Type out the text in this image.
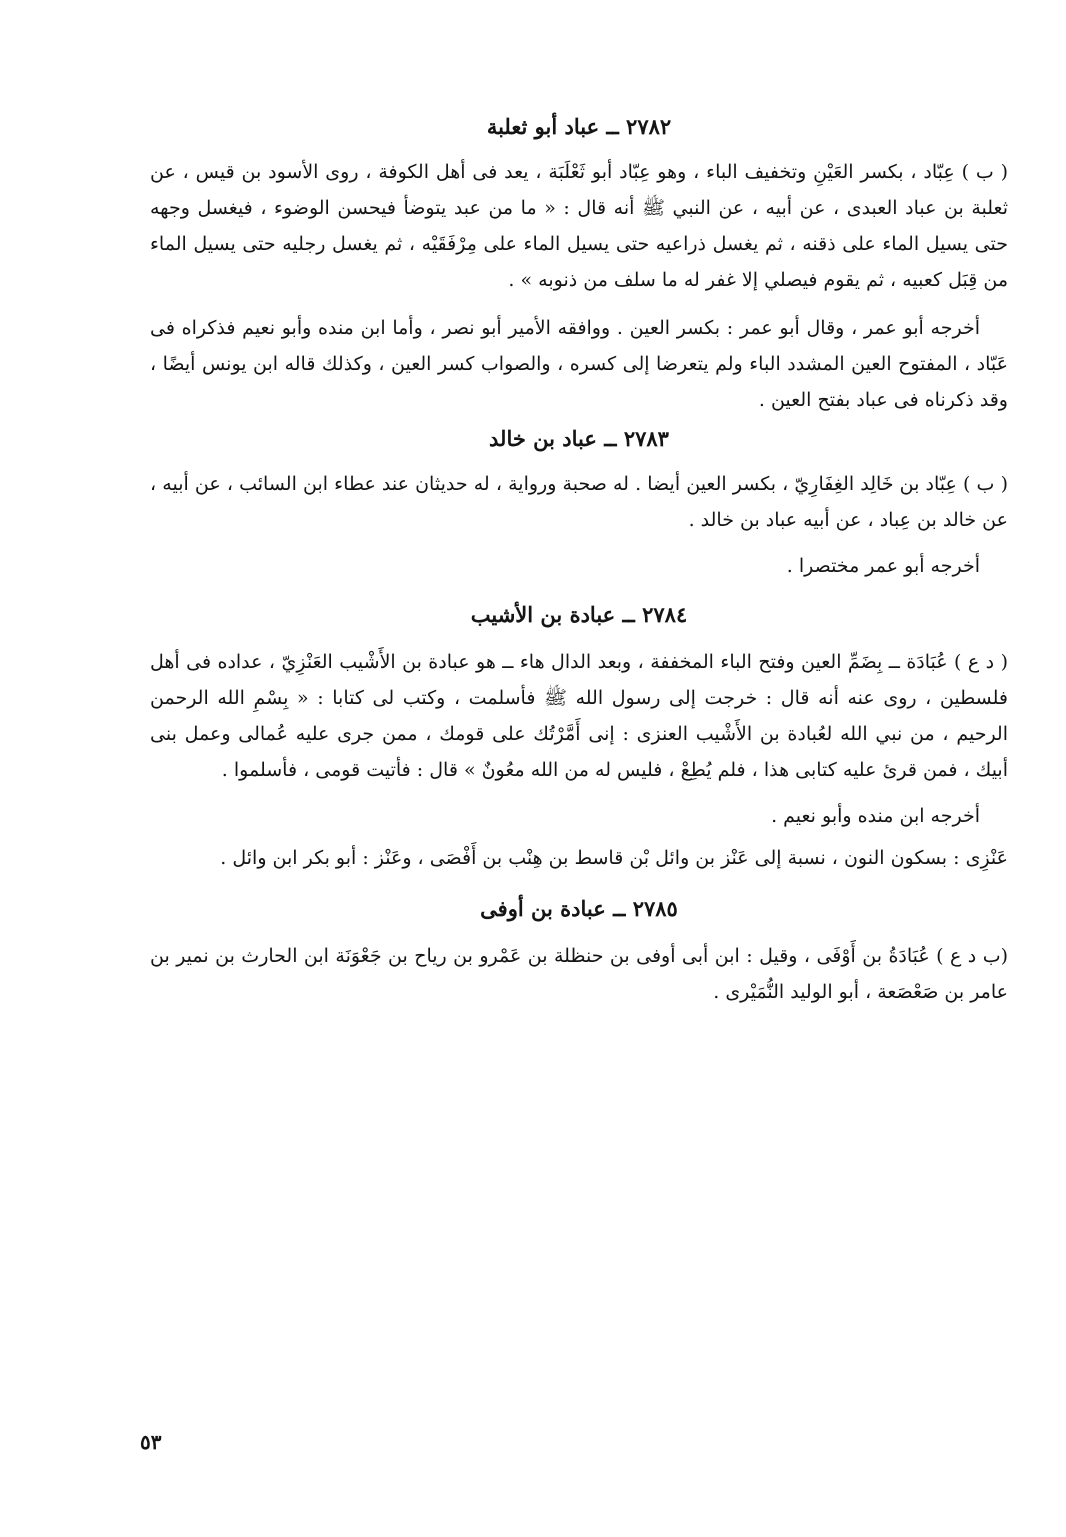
٢٧٨٢ ــ عباد أبو ثعلبة

( ب ) عِبّاد ، بكسر العَيْنِ وتخفيف الباء ، وهو عِبّاد أبو ثَعْلَبَة ، يعد فى أهل الكوفة ، روى الأسود بن قيس ، عن ثعلبة بن عباد العبدى ، عن أبيه ، عن النبي ﷺ أنه قال : « ما من عبد يتوضأ فيحسن الوضوء ، فيغسل وجهه حتى يسيل الماء على ذقنه ، ثم يغسل ذراعيه حتى يسيل الماء على مِرْفَقَيْه ، ثم يغسل رجليه حتى يسيل الماء من قِبَل كعبيه ، ثم يقوم فيصلي إلا غفر له ما سلف من ذنوبه » .

أخرجه أبو عمر ، وقال أبو عمر : بكسر العين . ووافقه الأمير أبو نصر ، وأما ابن منده وأبو نعيم فذكراه فى عَبّاد ، المفتوح العين المشدد الباء ولم يتعرضا إلى كسره ، والصواب كسر العين ، وكذلك قاله ابن يونس أيضًا ، وقد ذكرناه فى عباد بفتح العين .

٢٧٨٣ ــ عباد بن خالد

( ب ) عِبّاد بن خَالِد الغِفَارِيّ ، بكسر العين أيضا . له صحبة ورواية ، له حديثان عند عطاء ابن السائب ، عن أبيه ، عن خالد بن عِباد ، عن أبيه عباد بن خالد .

أخرجه أبو عمر مختصرا .

٢٧٨٤ ــ عبادة بن الأشيب

( د ع ) عُبَادَة ــ بِضَمِّ العين وفتح الباء المخففة ، وبعد الدال هاء ــ هو عبادة بن الأَشْيب العَنْزِيّ ، عداده فى أهل فلسطين ، روى عنه أنه قال : خرجت إلى رسول الله ﷺ فأسلمت ، وكتب لى كتابا : « بِسْمِ الله الرحمن الرحيم ، من نبي الله لعُبادة بن الأَشْيب العنزى : إنى أَمَّرْتُك على قومك ، ممن جرى عليه عُمالى وعمل بنى أبيك ، فمن قرئ عليه كتابى هذا ، فلم يُطِعْ ، فليس له من الله معُونٌ » قال : فأتيت قومى ، فأسلموا .

أخرجه ابن منده وأبو نعيم .

عَنْزِى : بسكون النون ، نسبة إلى عَنْز بن وائل بْن قاسط بن هِنْب بن أَفْصَى ، وعَنْز : أبو بكر ابن وائل .

٢٧٨٥ ــ عبادة بن أوفى

(ب د ع ) عُبَادَةُ بن أَوْفَى ، وقيل : ابن أبى أوفى بن حنظلة بن عَمْرو بن رياح بن جَعْوَنَة ابن الحارث بن نمير بن عامر بن صَعْصَعة ، أبو الوليد النُّمَيْرى .

٥٣
